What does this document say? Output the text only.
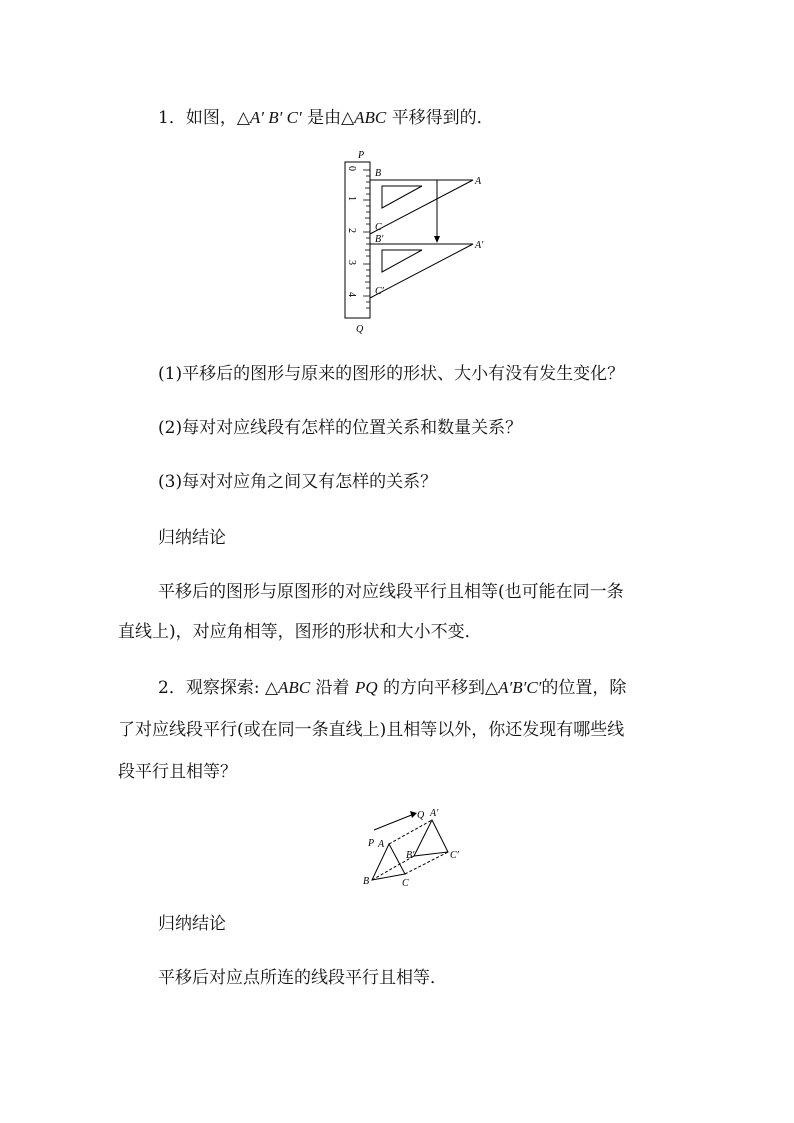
1．如图，△A′ B′ C′ 是由△ABC 平移得到的．
0
1
2
3
4
P
Q
B
A
C
B′
A′
C′
(1)平移后的图形与原来的图形的形状、大小有没有发生变化？
(2)每对对应线段有怎样的位置关系和数量关系？
(3)每对对应角之间又有怎样的关系？
归纳结论
平移后的图形与原图形的对应线段平行且相等(也可能在同一条
直线上)，对应角相等，图形的形状和大小不变．
2．观察探索: △ABC 沿着 PQ 的方向平移到△A′B′C′的位置，除
了对应线段平行(或在同一条直线上)且相等以外，你还发现有哪些线
段平行且相等？
P A
Q A′
B	C
B′	C′
归纳结论
平移后对应点所连的线段平行且相等．
